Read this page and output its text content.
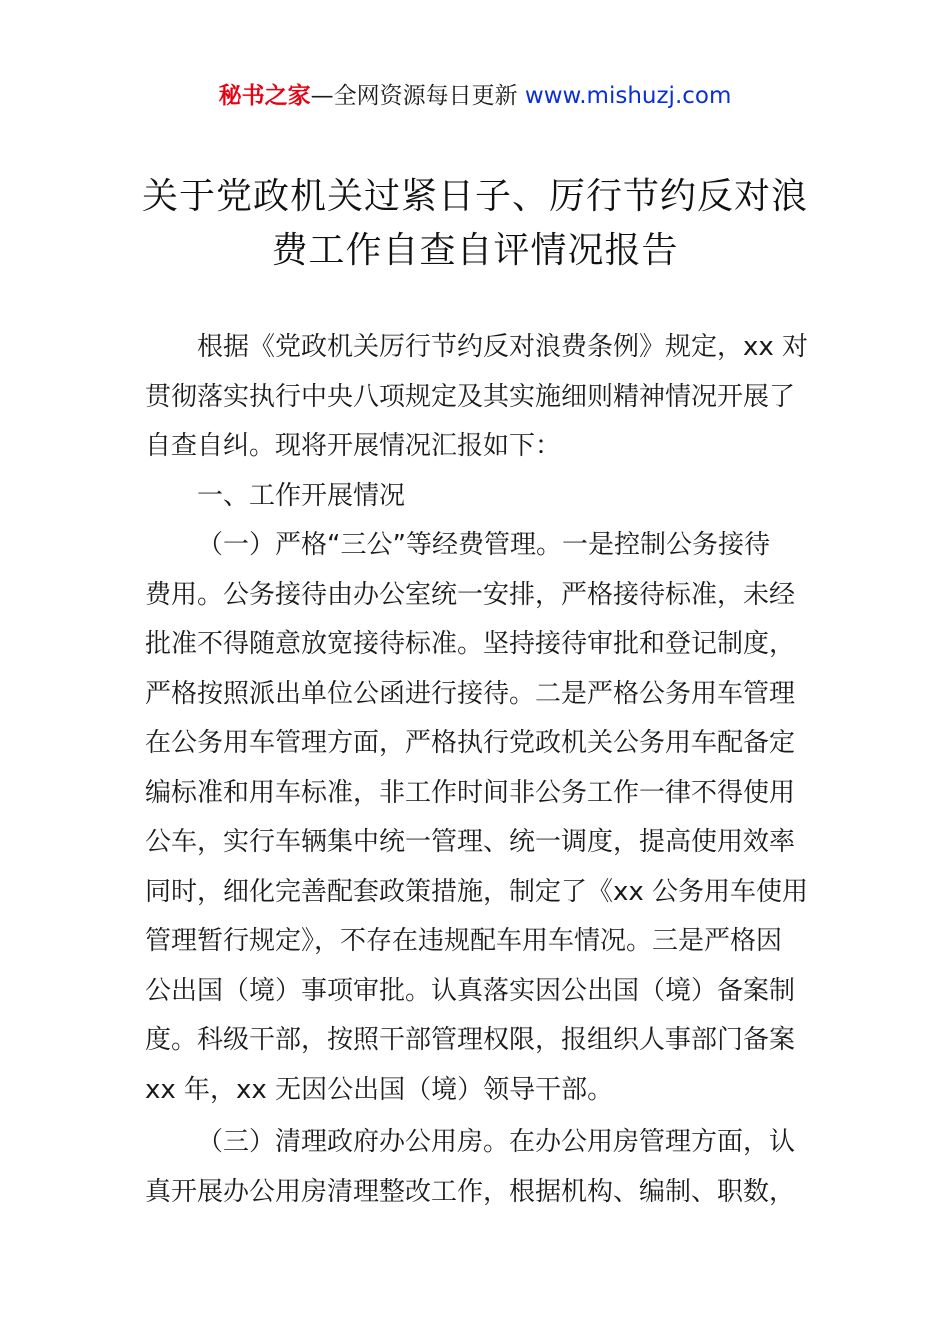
秘书之家—全网资源每日更新 www.mishuzj.com
关于党政机关过紧日子、厉行节约反对浪
费工作自查自评情况报告
根据《党政机关厉行节约反对浪费条例》规定，xx 对
贯彻落实执行中央八项规定及其实施细则精神情况开展了
自查自纠。现将开展情况汇报如下：
一、工作开展情况
（一）严格“三公”等经费管理。一是控制公务接待
费用。公务接待由办公室统一安排，严格接待标准，未经
批准不得随意放宽接待标准。坚持接待审批和登记制度，
严格按照派出单位公函进行接待。二是严格公务用车管理
在公务用车管理方面，严格执行党政机关公务用车配备定
编标准和用车标准，非工作时间非公务工作一律不得使用
公车，实行车辆集中统一管理、统一调度，提高使用效率
同时，细化完善配套政策措施，制定了《xx 公务用车使用
管理暂行规定》，不存在违规配车用车情况。三是严格因
公出国（境）事项审批。认真落实因公出国（境）备案制
度。科级干部，按照干部管理权限，报组织人事部门备案
xx 年，xx 无因公出国（境）领导干部。
（三）清理政府办公用房。在办公用房管理方面，认
真开展办公用房清理整改工作，根据机构、编制、职数，
